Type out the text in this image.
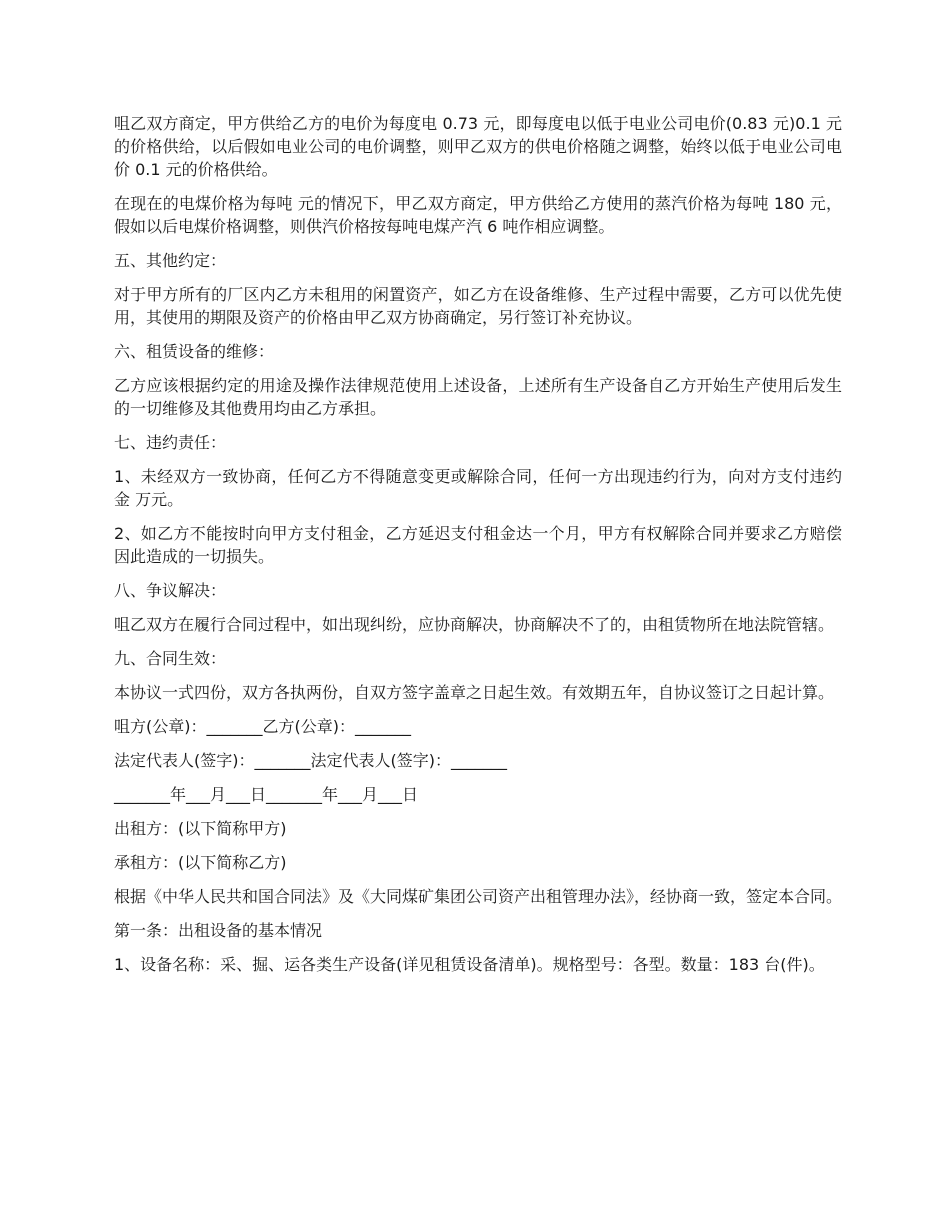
咀乙双方商定，甲方供给乙方的电价为每度电 0.73 元，即每度电以低于电业公司电价(0.83 元)0.1 元的价格供给，以后假如电业公司的电价调整，则甲乙双方的供电价格随之调整，始终以低于电业公司电价 0.1 元的价格供给。

在现在的电煤价格为每吨 元的情况下，甲乙双方商定，甲方供给乙方使用的蒸汽价格为每吨 180 元，假如以后电煤价格调整，则供汽价格按每吨电煤产汽 6 吨作相应调整。

五、其他约定：

对于甲方所有的厂区内乙方未租用的闲置资产，如乙方在设备维修、生产过程中需要，乙方可以优先使用，其使用的期限及资产的价格由甲乙双方协商确定，另行签订补充协议。

六、租赁设备的维修：

乙方应该根据约定的用途及操作法律规范使用上述设备，上述所有生产设备自乙方开始生产使用后发生的一切维修及其他费用均由乙方承担。

七、违约责任：

1、未经双方一致协商，任何乙方不得随意变更或解除合同，任何一方出现违约行为，向对方支付违约金 万元。

2、如乙方不能按时向甲方支付租金，乙方延迟支付租金达一个月，甲方有权解除合同并要求乙方赔偿因此造成的一切损失。

八、争议解决：

咀乙双方在履行合同过程中，如出现纠纷，应协商解决，协商解决不了的，由租赁物所在地法院管辖。

九、合同生效：

本协议一式四份，双方各执两份，自双方签字盖章之日起生效。有效期五年，自协议签订之日起计算。

咀方(公章)：_______乙方(公章)：_______

法定代表人(签字)：_______法定代表人(签字)：_______

_______年___月___日_______年___月___日

出租方：(以下简称甲方)

承租方：(以下简称乙方)

根据《中华人民共和国合同法》及《大同煤矿集团公司资产出租管理办法》，经协商一致，签定本合同。

第一条：出租设备的基本情况

1、设备名称：采、掘、运各类生产设备(详见租赁设备清单)。规格型号：各型。数量：183 台(件)。
